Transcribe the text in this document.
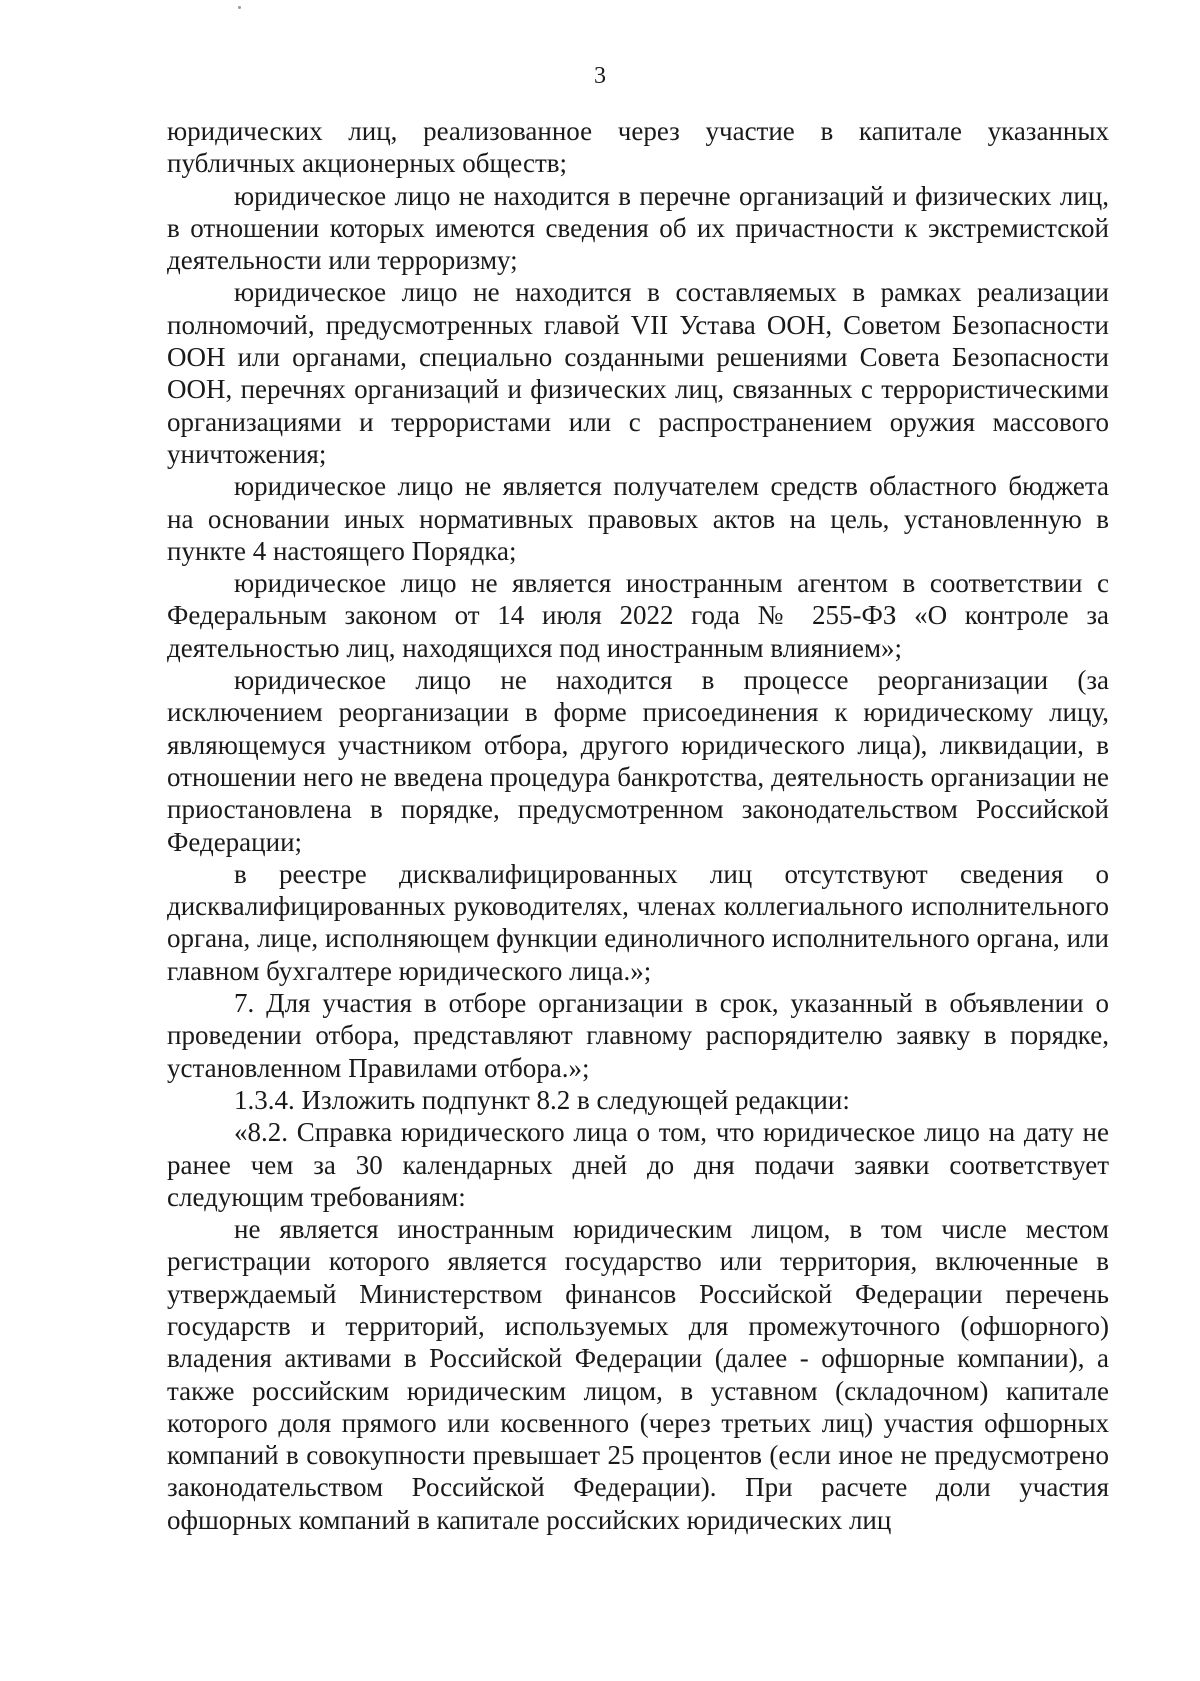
3

юридических лиц, реализованное через участие в капитале указанных публичных акционерных обществ;

юридическое лицо не находится в перечне организаций и физических лиц, в отношении которых имеются сведения об их причастности к экстремистской деятельности или терроризму;

юридическое лицо не находится в составляемых в рамках реализации полномочий, предусмотренных главой VII Устава ООН, Советом Безопасности ООН или органами, специально созданными решениями Совета Безопасности ООН, перечнях организаций и физических лиц, связанных с террористическими организациями и террористами или с распространением оружия массового уничтожения;

юридическое лицо не является получателем средств областного бюджета на основании иных нормативных правовых актов на цель, установленную в пункте 4 настоящего Порядка;

юридическое лицо не является иностранным агентом в соответствии с Федеральным законом от 14 июля 2022 года № 255-ФЗ «О контроле за деятельностью лиц, находящихся под иностранным влиянием»;

юридическое лицо не находится в процессе реорганизации (за исключением реорганизации в форме присоединения к юридическому лицу, являющемуся участником отбора, другого юридического лица), ликвидации, в отношении него не введена процедура банкротства, деятельность организации не приостановлена в порядке, предусмотренном законодательством Российской Федерации;

в реестре дисквалифицированных лиц отсутствуют сведения о дисквалифицированных руководителях, членах коллегиального исполнительного органа, лице, исполняющем функции единоличного исполнительного органа, или главном бухгалтере юридического лица.»;

7. Для участия в отборе организации в срок, указанный в объявлении о проведении отбора, представляют главному распорядителю заявку в порядке, установленном Правилами отбора.»;

1.3.4. Изложить подпункт 8.2 в следующей редакции:

«8.2. Справка юридического лица о том, что юридическое лицо на дату не ранее чем за 30 календарных дней до дня подачи заявки соответствует следующим требованиям:

не является иностранным юридическим лицом, в том числе местом регистрации которого является государство или территория, включенные в утверждаемый Министерством финансов Российской Федерации перечень государств и территорий, используемых для промежуточного (офшорного) владения активами в Российской Федерации (далее - офшорные компании), а также российским юридическим лицом, в уставном (складочном) капитале которого доля прямого или косвенного (через третьих лиц) участия офшорных компаний в совокупности превышает 25 процентов (если иное не предусмотрено законодательством Российской Федерации). При расчете доли участия офшорных компаний в капитале российских юридических лиц
